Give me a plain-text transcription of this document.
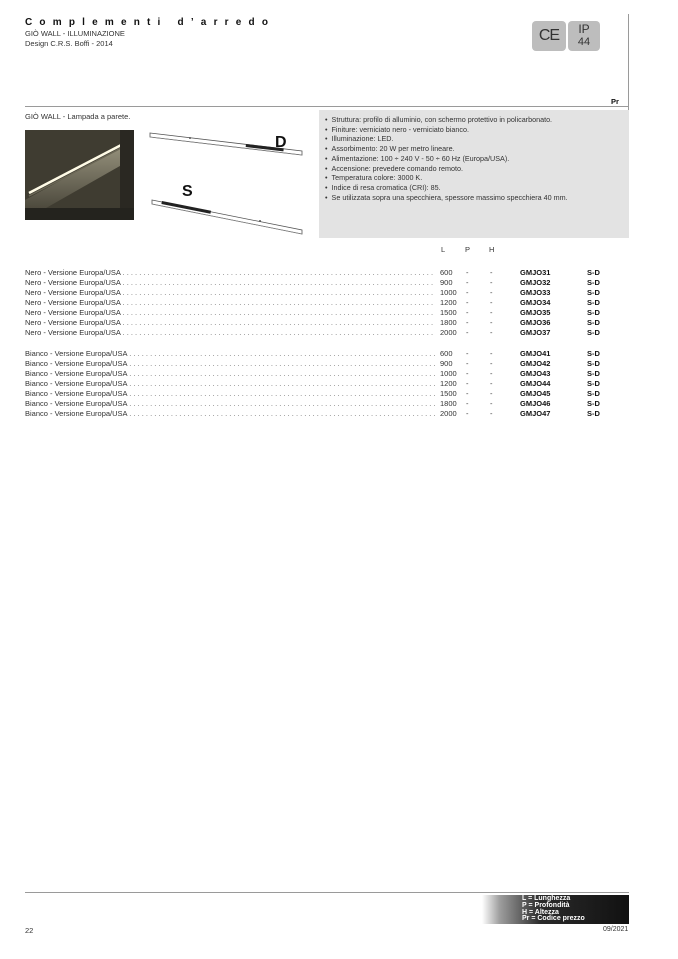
Complementi d’arredo
GIÒ WALL - ILLUMINAZIONE
Design C.R.S. Boffi - 2014	CE	IP
44
Pr
GIÒ WALL - Lampada a parete.
D
S
• Struttura: profilo di alluminio, con schermo protettivo in policarbonato.
• Finiture: verniciato nero - verniciato bianco.
• Illuminazione: LED.
• Assorbimento: 20 W per metro lineare.
• Alimentazione: 100 ÷ 240 V - 50 ÷ 60 Hz (Europa/USA).
• Accensione: prevedere comando remoto.
• Temperatura colore: 3000 K.
• Indice di resa cromatica (CRI): 85.
• Se utilizzata sopra una specchiera, spessore massimo specchiera 40 mm.
L	P	H
Nero - Versione Europa/USA . . .	600 -	-	GMJO31	S-D
Nero - Versione Europa/USA . . .	900 -	-	GMJO32	S-D
Nero - Versione Europa/USA . . .	1000 -	-	GMJO33	S-D
Nero - Versione Europa/USA . . .	1200 -	-	GMJO34	S-D
Nero - Versione Europa/USA . . .	1500 -	-	GMJO35	S-D
Nero - Versione Europa/USA . . .	1800 -	-	GMJO36	S-D
Nero - Versione Europa/USA . . .	2000 -	-	GMJO37	S-D
Bianco - Versione Europa/USA . . .	600 -	-	GMJO41	S-D
Bianco - Versione Europa/USA . . .	900 -	-	GMJO42	S-D
Bianco - Versione Europa/USA . . .	1000 -	-	GMJO43	S-D
Bianco - Versione Europa/USA . . .	1200 -	-	GMJO44	S-D
Bianco - Versione Europa/USA . . .	1500 -	-	GMJO45	S-D
Bianco - Versione Europa/USA . . .	1800 -	-	GMJO46	S-D
Bianco - Versione Europa/USA . . .	2000 -	-	GMJO47	S-D
L = Lunghezza
P = Profondità
H = Altezza
Pr = Codice prezzo
22	09/2021
